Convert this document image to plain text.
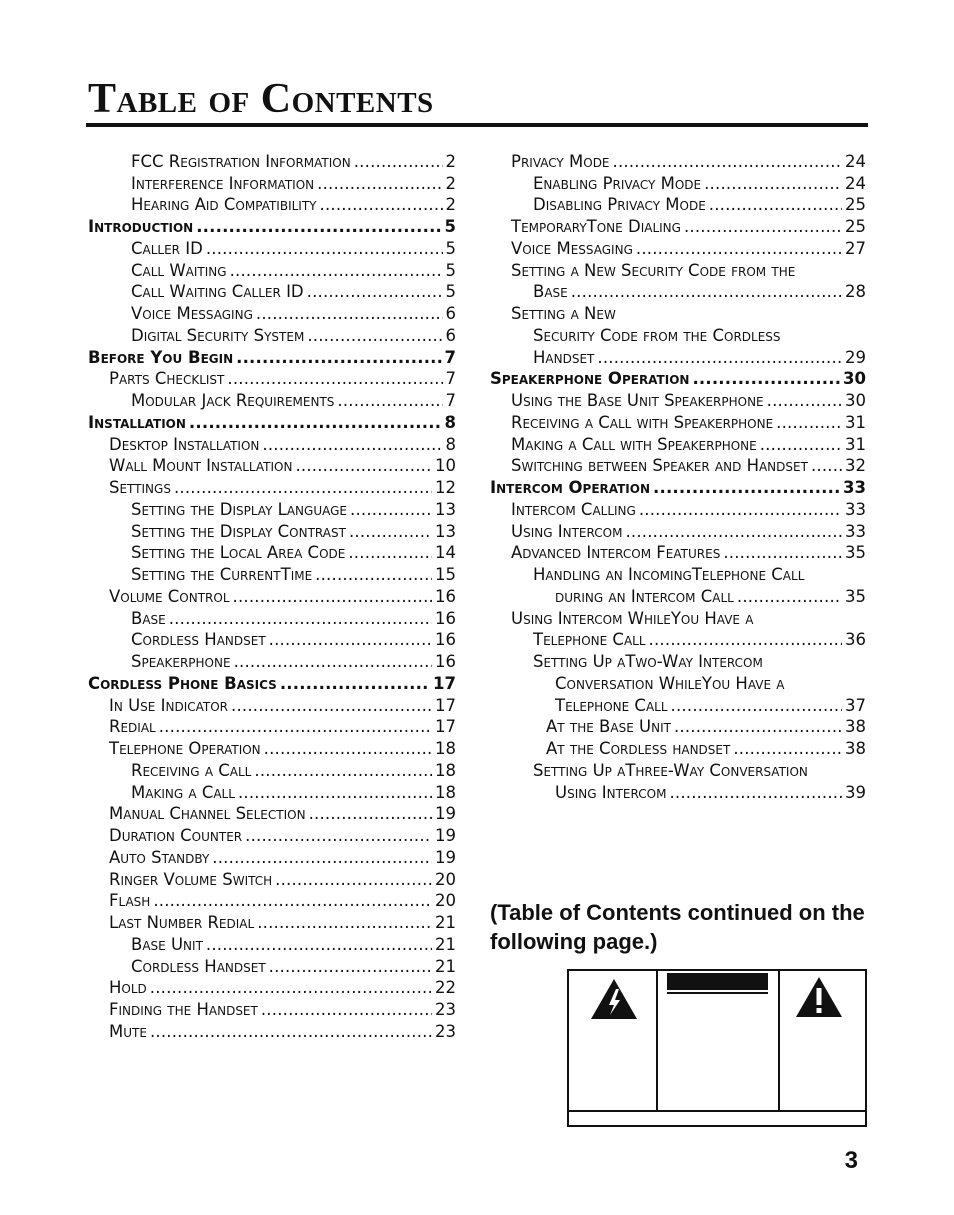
Table of Contents
FCC Registration Information .....	2
Interference Information .....	2
Hearing Aid Compatibility .....	2
Introduction .....	5
Caller ID .....	5
Call Waiting .....	5
Call Waiting Caller ID .....	5
Voice Messaging .....	6
Digital Security System .....	6
Before You Begin .....	7
Parts Checklist .....	7
Modular Jack Requirements .....	7
Installation .....	8
Desktop Installation .....	8
Wall Mount Installation .....	10
Settings .....	12
Setting the Display Language .....	13
Setting the Display Contrast .....	13
Setting the Local Area Code .....	14
Setting the CurrentTime .....	15
Volume Control .....	16
Base .....	16
Cordless Handset .....	16
Speakerphone .....	16
Cordless Phone Basics .....	17
In Use Indicator .....	17
Redial .....	17
Telephone Operation .....	18
Receiving a Call .....	18
Making a Call .....	18
Manual Channel Selection .....	19
Duration Counter .....	19
Auto Standby .....	19
Ringer Volume Switch .....	20
Flash .....	20
Last Number Redial .....	21
Base Unit .....	21
Cordless Handset .....	21
Hold .....	22
Finding the Handset .....	23
Mute .....	23
Privacy Mode .....	24
Enabling Privacy Mode .....	24
Disabling Privacy Mode .....	25
TemporaryTone Dialing .....	25
Voice Messaging .....	27
Setting a New Security Code from the
Base .....	28
Setting a New
Security Code from the Cordless
Handset .....	29
Speakerphone Operation .....	30
Using the Base Unit Speakerphone .....	30
Receiving a Call with Speakerphone .....	31
Making a Call with Speakerphone .....	31
Switching between Speaker and Handset ..... 32
Intercom Operation .....	33
Intercom Calling .....	33
Using Intercom .....	33
Advanced Intercom Features .....	35
Handling an IncomingTelephone Call
during an Intercom Call .....	35
Using Intercom WhileYou Have a
Telephone Call .....	36
Setting Up aTwo-Way Intercom
Conversation WhileYou Have a
Telephone Call .....	37
At the Base Unit .....	38
At the Cordless handset .....	38
Setting Up aThree-Way Conversation
Using Intercom .....	39

(Table of Contents continued on the following page.)

3
